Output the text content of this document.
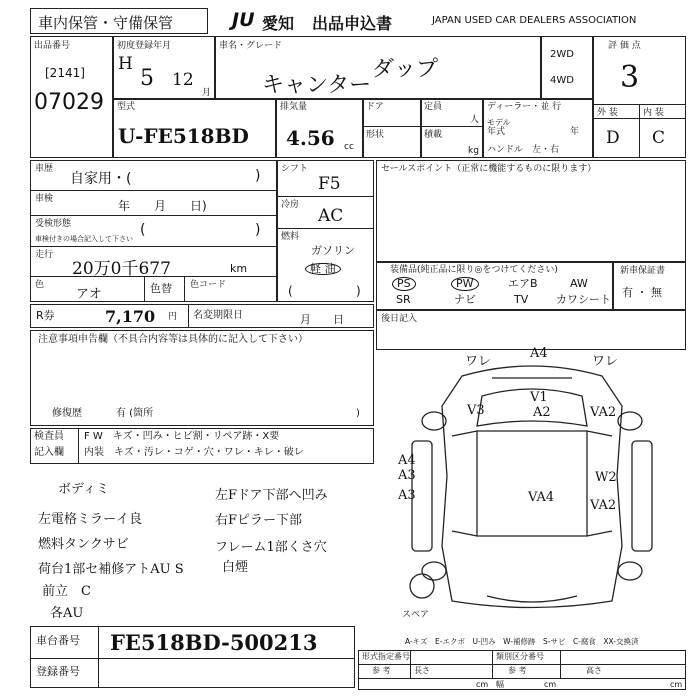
車内保管・守備保管	JU 愛知 出品申込書	JAPAN USED CAR DEALERS ASSOCIATION
出品番号
[2141]
07029
初度登録年月
H
5 12
月
車名・グレード
キャンター
ダップ
2WD
4WD
評 価 点
3
外 装	内 装
D C
型式
U-FE518BD
排気量
4.56 cc
ドア
形状
定員
人
積載
kg
ディーラー・並 行
モデル
年式	年
ハンドル　左・右
車歴
自家用・(	)
車検	年　　月　　日)
受検形態
車検付きの場合記入して下さい
(	)
走行
20万0千677	km
色
アオ	色替 色コード
シフト
F5
冷房
AC
燃料
ガソリン
軽 油
(	)
R券	7,170 円 名変期限日	月　　日
セールスポイント（正常に機能するものに限ります）
装備品(純正品に限り◎をつけてください)
PS	PW	エアB	AW
SR	ナビ	TV	カワシート
新車保証書
有 ・ 無
後日記入
注意事項申告欄（不具合内容等は具体的に記入して下さい）
修復歴	有 (箇所	)
検査員
記入欄
F W　キズ・凹み・ヒビ割・リペア跡・X要
内装　キズ・汚レ・コゲ・穴・ワレ・キレ・破レ
ボディミ
左電格ミラーイ良
燃料タンクサビ
荷台1部セ補修アトAU S
前立　C
各AU
左Fドア下部へ凹み
右Fピラー下部
フレーム1部くさ穴
白煙
ワレ
A4
ワレ
V1
A2
V3	VA2
A4
A3
W2
VA4
VA2
A3
スペア
A-キズ　E-エクボ　U-凹み　W-補修跡　S-サビ　C-腐食　XX-交換済
車台番号 FE518BD-500213
登録番号
形式指定番号
参 考
類別区分番号
参 考
長さ
cm 幅	cm
高さ
cm
